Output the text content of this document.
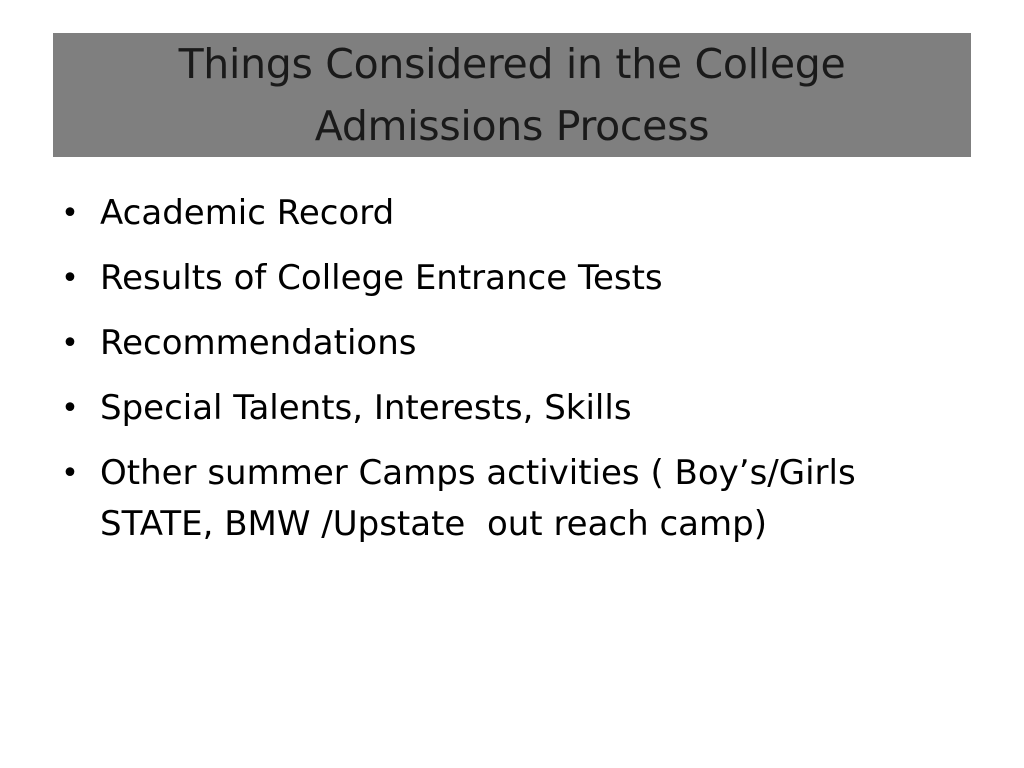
Things Considered in the College
Admissions Process
• Academic Record
• Results of College Entrance Tests
• Recommendations
• Special Talents, Interests, Skills
• Other summer Camps activities ( Boy’s/Girls
STATE, BMW /Upstate  out reach camp)
